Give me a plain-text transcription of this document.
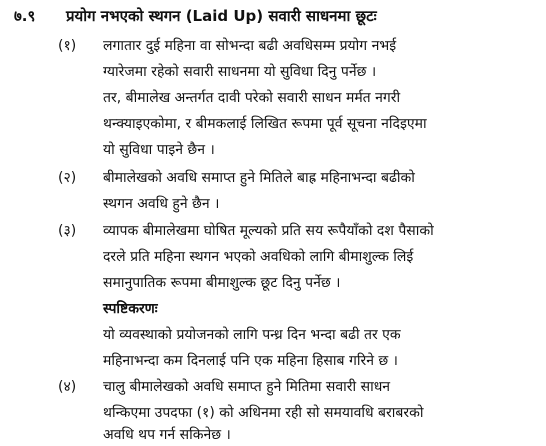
७.९ प्रयोग नभएको स्थगन (Laid Up) सवारी साधनमा छूटः
(१) लगातार दुई महिना वा सोभन्दा बढी अवधिसम्म प्रयोग नभई
ग्यारेजमा रहेको सवारी साधनमा यो सुविधा दिनु पर्नेछ ।
तर, बीमालेख अन्तर्गत दावी परेको सवारी साधन मर्मत नगरी
थन्क्याइएकोमा, र बीमकलाई लिखित रूपमा पूर्व सूचना नदिइएमा
यो सुविधा पाइने छैन ।
(२) बीमालेखको अवधि समाप्त हुने मितिले बाह्र महिनाभन्दा बढीको
स्थगन अवधि हुने छैन ।
(३) व्यापक बीमालेखमा घोषित मूल्यको प्रति सय रूपैयाँको दश पैसाको
दरले प्रति महिना स्थगन भएको अवधिको लागि बीमाशुल्क लिई
समानुपातिक रूपमा बीमाशुल्क छूट दिनु पर्नेछ ।
स्पष्टिकरणः
यो व्यवस्थाको प्रयोजनको लागि पन्ध्र दिन भन्दा बढी तर एक
महिनाभन्दा कम दिनलाई पनि एक महिना हिसाब गरिने छ ।
(४) चालु बीमालेखको अवधि समाप्त हुने मितिमा सवारी साधन
थन्किएमा उपदफा (१) को अधिनमा रही सो समयावधि बराबरको
अवधि थप गर्न सकिनेछ ।
